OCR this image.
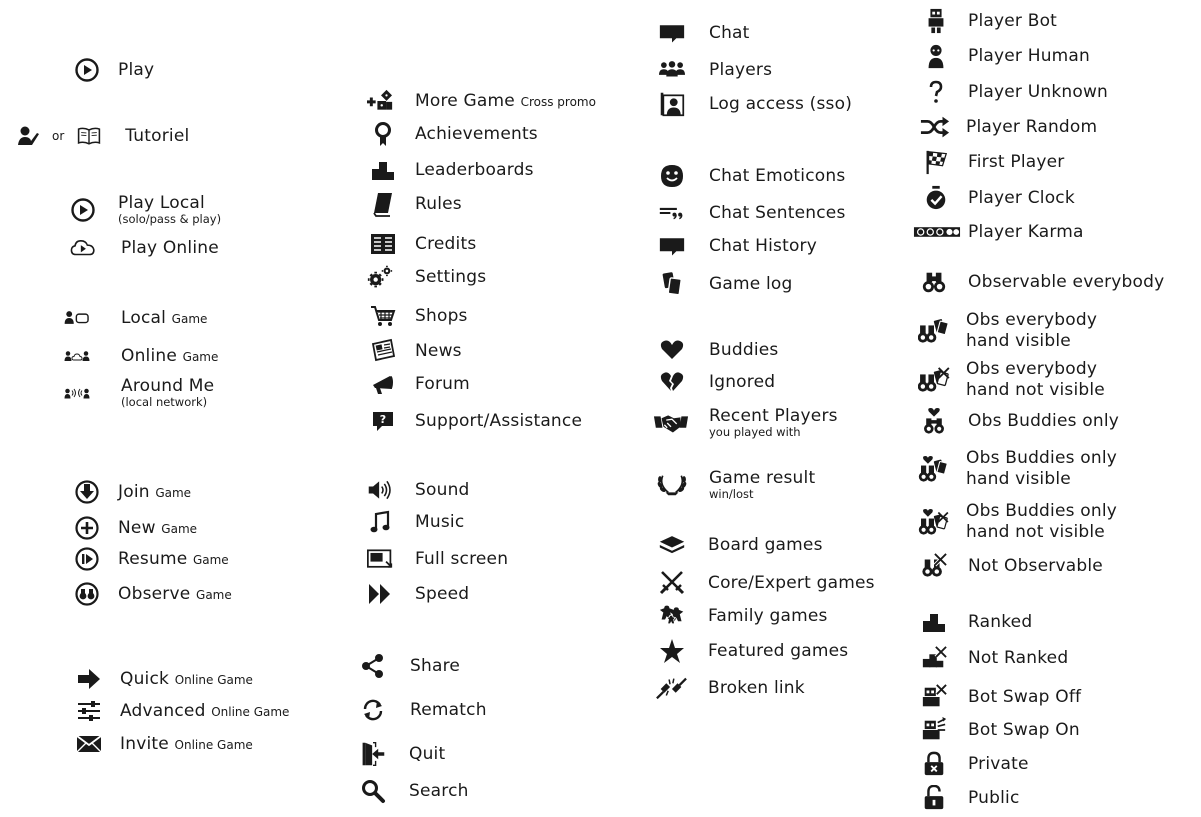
Play
or	Tutoriel
Play Local
(solo/pass & play)
Play Online
Local Game
Online Game
Around Me
(local network)
Join Game
New Game
Resume Game
Observe Game
Quick Online Game
Advanced Online Game
Invite Online Game
More Game Cross promo
Achievements
Leaderboards
Rules
Credits
Settings
Shops
News
Forum
? Support/Assistance
Sound
Music
Full screen
Speed
Share
Rematch
Quit
Search
Chat
Players
Log access (sso)
Chat Emoticons
Chat Sentences
Chat History
Game log
Buddies
Ignored
Recent Players
you played with
Game result
win/lost
Board games
Core/Expert games
Family games
Featured games
Broken link
Player Bot
Player Human
Player Unknown
Player Random
First Player
Player Clock
Player Karma
Observable everybody
Obs everybody
hand visible
Obs everybody
hand not visible
Obs Buddies only
Obs Buddies only
hand visible
Obs Buddies only
hand not visible
Not Observable
Ranked
Not Ranked
Bot Swap Off
Bot Swap On
Private
Public
